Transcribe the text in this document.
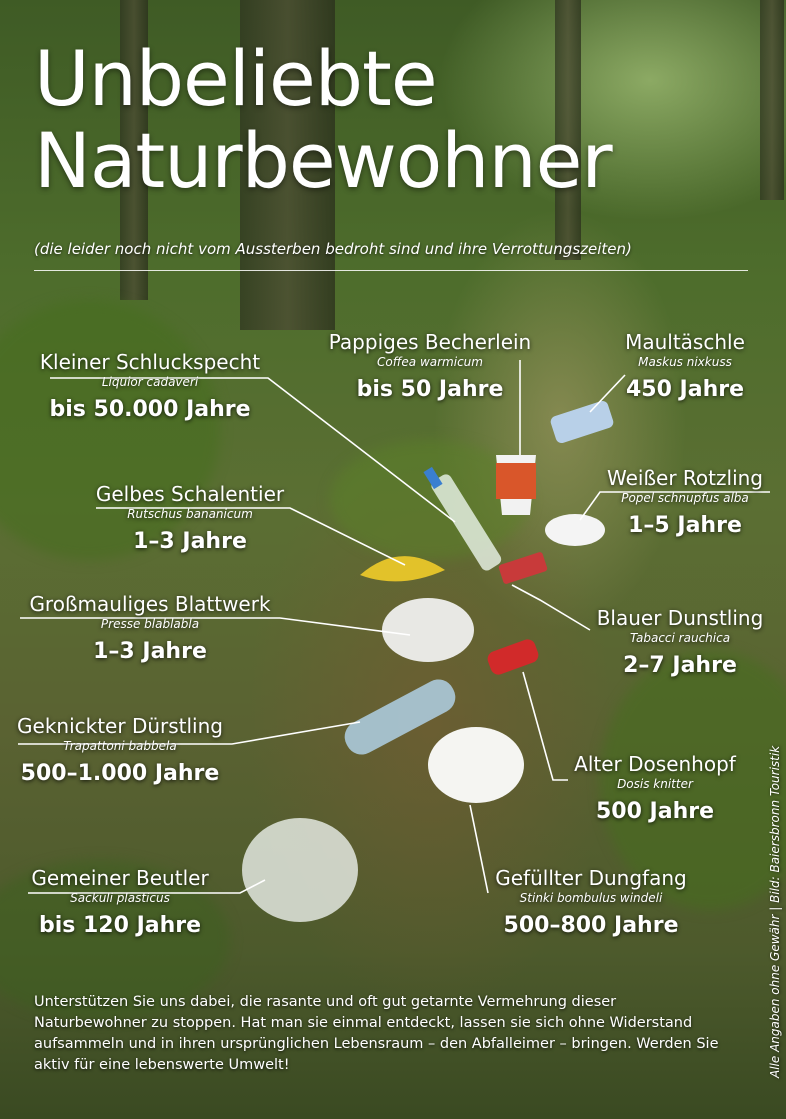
Unbeliebte
Naturbewohner
(die leider noch nicht vom Aussterben bedroht sind und ihre Verrottungszeiten)
Kleiner Schluckspecht
Liquior cadaveri
bis 50.000 Jahre
Pappiges Becherlein
Coffea warmicum
bis 50 Jahre
Maultäschle
Maskus nixkuss
450 Jahre
Gelbes Schalentier
Rutschus bananicum
1–3 Jahre
Weißer Rotzling
Popel schnupfus alba
1–5 Jahre
Großmauliges Blattwerk
Presse blablabla
1–3 Jahre
Blauer Dunstling
Tabacci rauchica
2–7 Jahre
Geknickter Dürstling
Trapattoni babbela
500–1.000 Jahre	Alter Dosenhopf
Dosis knitter
500 Jahre
Gemeiner Beutler
Sackuli plasticus
bis 120 Jahre
Gefüllter Dungfang
Stinki bombulus windeli
500–800 Jahre
Unterstützen Sie uns dabei, die rasante und oft gut getarnte Vermehrung dieser Naturbewohner zu stoppen. Hat man sie einmal entdeckt, lassen sie sich ohne Widerstand aufsammeln und in ihren ursprünglichen Lebensraum – den Abfalleimer – bringen. Werden Sie aktiv für eine lebenswerte Umwelt!	Alle Angaben ohne Gewähr | Bild: Baiersbronn Touristik
